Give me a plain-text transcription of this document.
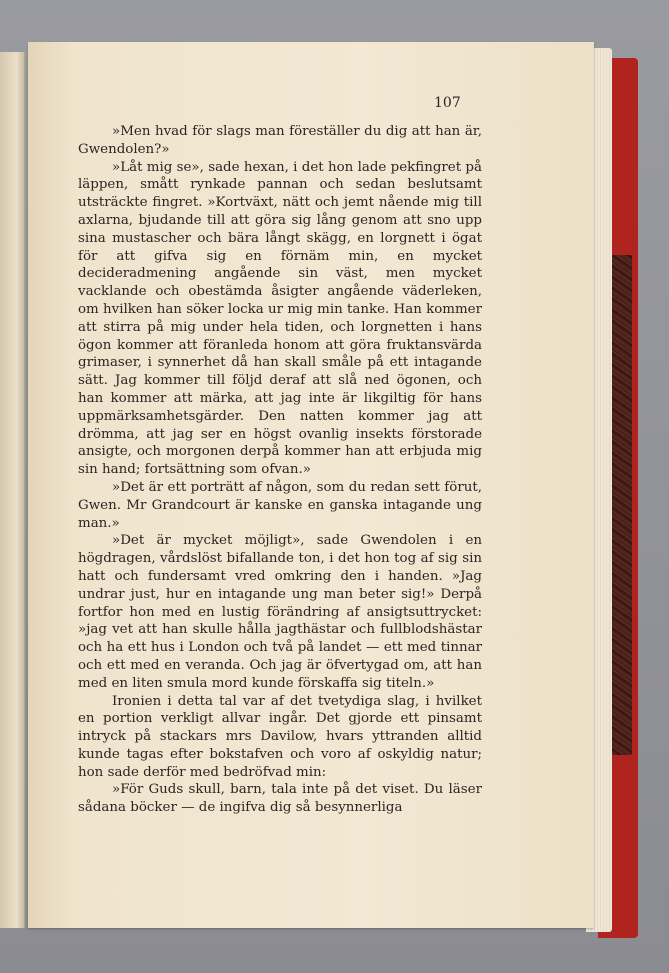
107

»Men hvad för slags man föreställer du dig att han är, Gwendolen?»

»Låt mig se», sade hexan, i det hon lade pekfingret på läppen, smått rynkade pannan och sedan beslutsamt utsträckte fingret. »Kortväxt, nätt och jemt nående mig till axlarna, bjudande till att göra sig lång genom att sno upp sina mustascher och bära långt skägg, en lorgnett i ögat för att gifva sig en förnäm min, en mycket decideradmening angående sin väst, men mycket vacklande och obestämda åsigter angående väderleken, om hvilken han söker locka ur mig min tanke. Han kommer att stirra på mig under hela tiden, och lorgnetten i hans ögon kommer att föranleda honom att göra fruktansvärda grimaser, i synnerhet då han skall småle på ett intagande sätt. Jag kommer till följd deraf att slå ned ögonen, och han kommer att märka, att jag inte är likgiltig för hans uppmärksamhetsgärder. Den natten kommer jag att drömma, att jag ser en högst ovanlig insekts förstorade ansigte, och morgonen derpå kommer han att erbjuda mig sin hand; fortsättning som ofvan.»

»Det är ett porträtt af någon, som du redan sett förut, Gwen. Mr Grandcourt är kanske en ganska intagande ung man.»

»Det är mycket möjligt», sade Gwendolen i en högdragen, vårdslöst bifallande ton, i det hon tog af sig sin hatt och fundersamt vred omkring den i handen. »Jag undrar just, hur en intagande ung man beter sig!» Derpå fortfor hon med en lustig förändring af ansigtsuttrycket: »jag vet att han skulle hålla jagthästar och fullblodshästar och ha ett hus i London och två på landet — ett med tinnar och ett med en veranda. Och jag är öfvertygad om, att han med en liten smula mord kunde förskaffa sig titeln.»

Ironien i detta tal var af det tvetydiga slag, i hvilket en portion verkligt allvar ingår. Det gjorde ett pinsamt intryck på stackars mrs Davilow, hvars yttranden alltid kunde tagas efter bokstafven och voro af oskyldig natur; hon sade derför med bedröfvad min:

»För Guds skull, barn, tala inte på det viset. Du läser sådana böcker — de ingifva dig så besynnerliga
